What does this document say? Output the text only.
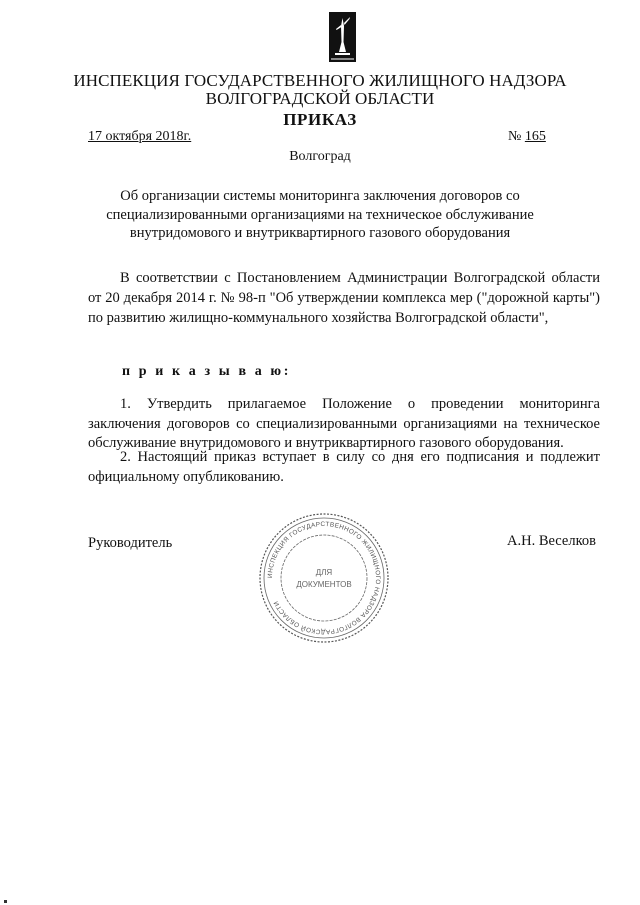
ИНСПЕКЦИЯ ГОСУДАРСТВЕННОГО ЖИЛИЩНОГО НАДЗОРА
ВОЛГОГРАДСКОЙ ОБЛАСТИ
ПРИКАЗ
17 октября 2018г.	№ 165
Волгоград
Об организации системы мониторинга заключения договоров со специализированными организациями на техническое обслуживание внутридомового и внутриквартирного газового оборудования
В соответствии с Постановлением Администрации Волгоградской области от 20 декабря 2014 г. № 98-п "Об утверждении комплекса мер ("дорожной карты") по развитию жилищно-коммунального хозяйства Волгоградской области",
п р и к а з ы в а ю:
1. Утвердить прилагаемое Положение о проведении мониторинга заключения договоров со специализированными организациями на техническое обслуживание внутридомового и внутриквартирного газового оборудования.
2. Настоящий приказ вступает в силу со дня его подписания и подлежит официальному опубликованию.
Руководитель	А.Н. Веселков
ИНСПЕКЦИЯ ГОСУДАРСТВЕННОГО ЖИЛИЩНОГО НАДЗОРА ВОЛГОГРАДСКОЙ ОБЛАСТИ
ДЛЯ
ДОКУМЕНТОВ
